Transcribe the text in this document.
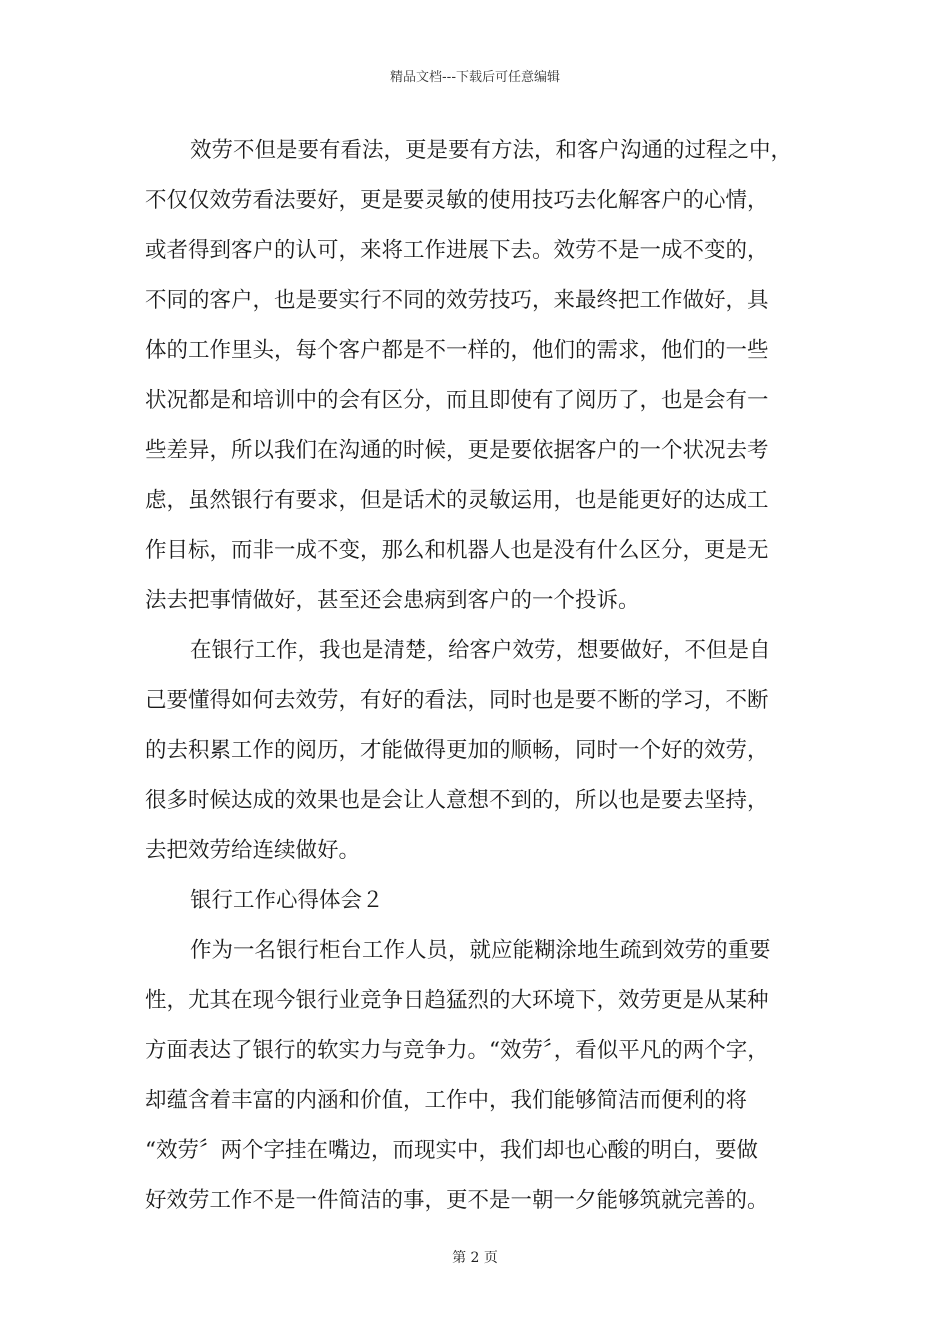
精品文档---下载后可任意编辑
效劳不但是要有看法，更是要有方法，和客户沟通的过程之中，
不仅仅效劳看法要好，更是要灵敏的使用技巧去化解客户的心情，
或者得到客户的认可，来将工作进展下去。效劳不是一成不变的，
不同的客户，也是要实行不同的效劳技巧，来最终把工作做好，具
体的工作里头，每个客户都是不一样的，他们的需求，他们的一些
状况都是和培训中的会有区分，而且即使有了阅历了，也是会有一
些差异，所以我们在沟通的时候，更是要依据客户的一个状况去考
虑，虽然银行有要求，但是话术的灵敏运用，也是能更好的达成工
作目标，而非一成不变，那么和机器人也是没有什么区分，更是无
法去把事情做好，甚至还会患病到客户的一个投诉。
在银行工作，我也是清楚，给客户效劳，想要做好，不但是自
己要懂得如何去效劳，有好的看法，同时也是要不断的学习，不断
的去积累工作的阅历，才能做得更加的顺畅，同时一个好的效劳，
很多时候达成的效果也是会让人意想不到的，所以也是要去坚持，
去把效劳给连续做好。
银行工作心得体会２
作为一名银行柜台工作人员，就应能糊涂地生疏到效劳的重要
性，尤其在现今银行业竞争日趋猛烈的大环境下，效劳更是从某种
方面表达了银行的软实力与竞争力。“效劳〞，看似平凡的两个字，
却蕴含着丰富的内涵和价值，工作中，我们能够简洁而便利的将
“效劳〞两个字挂在嘴边，而现实中，我们却也心酸的明白，要做
好效劳工作不是一件简洁的事，更不是一朝一夕能够筑就完善的。
第 2 页
